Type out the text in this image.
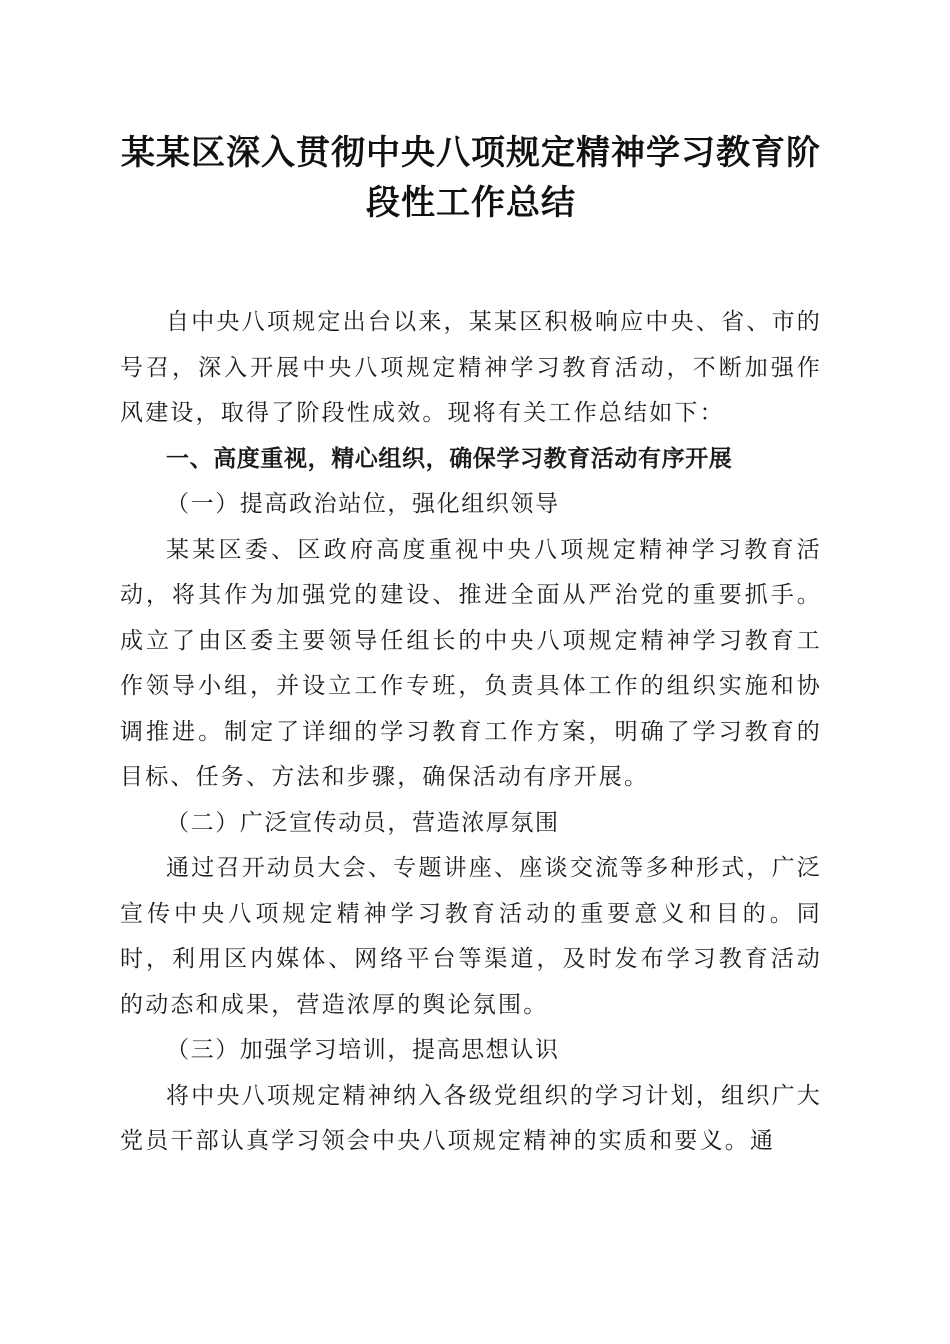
某某区深入贯彻中央八项规定精神学习教育阶
段性工作总结

自中央八项规定出台以来，某某区积极响应中央、省、市的号召，深入开展中央八项规定精神学习教育活动，不断加强作风建设，取得了阶段性成效。现将有关工作总结如下：

一、高度重视，精心组织，确保学习教育活动有序开展

（一）提高政治站位，强化组织领导

某某区委、区政府高度重视中央八项规定精神学习教育活动，将其作为加强党的建设、推进全面从严治党的重要抓手。成立了由区委主要领导任组长的中央八项规定精神学习教育工作领导小组，并设立工作专班，负责具体工作的组织实施和协调推进。制定了详细的学习教育工作方案，明确了学习教育的目标、任务、方法和步骤，确保活动有序开展。

（二）广泛宣传动员，营造浓厚氛围

通过召开动员大会、专题讲座、座谈交流等多种形式，广泛宣传中央八项规定精神学习教育活动的重要意义和目的。同时，利用区内媒体、网络平台等渠道，及时发布学习教育活动的动态和成果，营造浓厚的舆论氛围。

（三）加强学习培训，提高思想认识

将中央八项规定精神纳入各级党组织的学习计划，组织广大党员干部认真学习领会中央八项规定精神的实质和要义。通
